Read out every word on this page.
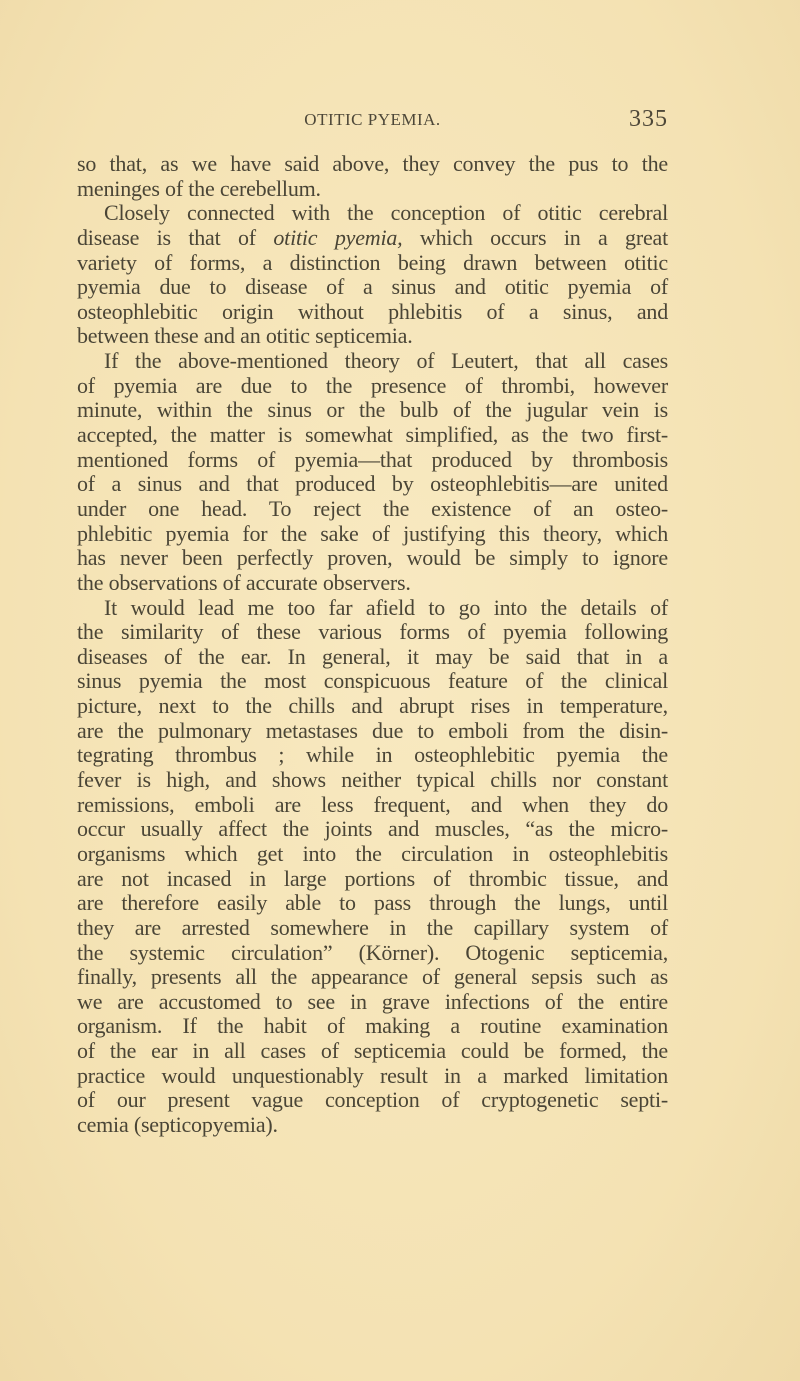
OTITIC PYEMIA.	335
so that, as we have said above, they convey the pus to the
meninges of the cerebellum.
Closely connected with the conception of otitic cerebral
disease is that of otitic pyemia, which occurs in a great
variety of forms, a distinction being drawn between otitic
pyemia due to disease of a sinus and otitic pyemia of
osteophlebitic origin without phlebitis of a sinus, and
between these and an otitic septicemia.
If the above-mentioned theory of Leutert, that all cases
of pyemia are due to the presence of thrombi, however
minute, within the sinus or the bulb of the jugular vein is
accepted, the matter is somewhat simplified, as the two first-
mentioned forms of pyemia—that produced by thrombosis
of a sinus and that produced by osteophlebitis—are united
under one head. To reject the existence of an osteo-
phlebitic pyemia for the sake of justifying this theory, which
has never been perfectly proven, would be simply to ignore
the observations of accurate observers.
It would lead me too far afield to go into the details of
the similarity of these various forms of pyemia following
diseases of the ear. In general, it may be said that in a
sinus pyemia the most conspicuous feature of the clinical
picture, next to the chills and abrupt rises in temperature,
are the pulmonary metastases due to emboli from the disin-
tegrating thrombus ; while in osteophlebitic pyemia the
fever is high, and shows neither typical chills nor constant
remissions, emboli are less frequent, and when they do
occur usually affect the joints and muscles, “as the micro-
organisms which get into the circulation in osteophlebitis
are not incased in large portions of thrombic tissue, and
are therefore easily able to pass through the lungs, until
they are arrested somewhere in the capillary system of
the systemic circulation” (Körner). Otogenic septicemia,
finally, presents all the appearance of general sepsis such as
we are accustomed to see in grave infections of the entire
organism. If the habit of making a routine examination
of the ear in all cases of septicemia could be formed, the
practice would unquestionably result in a marked limitation
of our present vague conception of cryptogenetic septi-
cemia (septicopyemia).
